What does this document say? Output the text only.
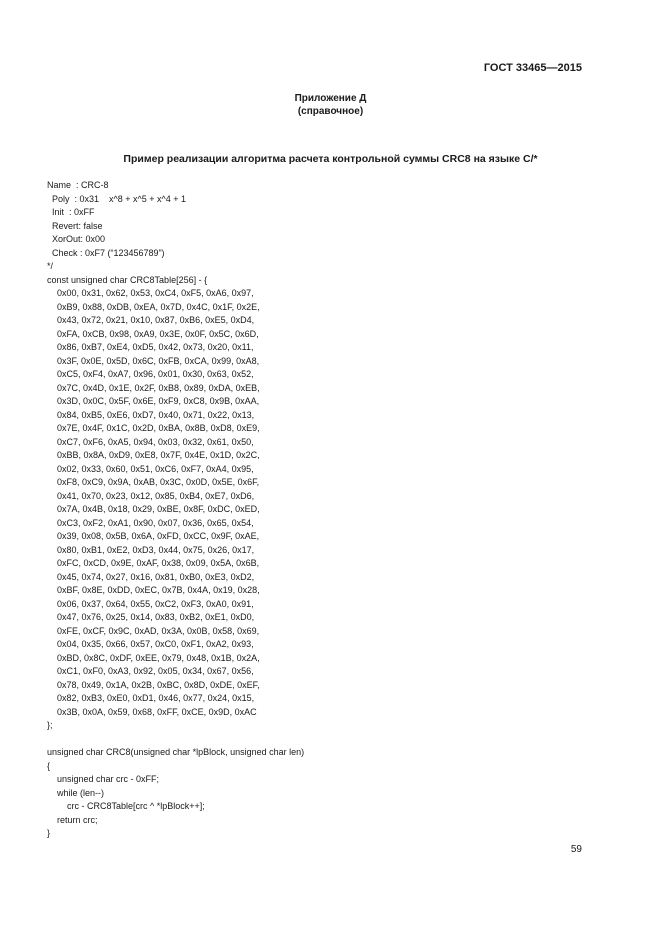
ГОСТ 33465—2015
Приложение Д
(справочное)
Пример реализации алгоритма расчета контрольной суммы CRC8 на языке C/*
Name  : CRC-8
Poly  : 0x31    x^8 + x^5 + x^4 + 1
Init  : 0xFF
Revert: false
XorOut: 0x00
Check : 0xF7 (“123456789”)
*/
const unsigned char CRC8Table[256] - {
0x00, 0x31, 0x62, 0x53, 0xC4, 0xF5, 0xA6, 0x97,
0xB9, 0x88, 0xDB, 0xEA, 0x7D, 0x4C, 0x1F, 0x2E,
0x43, 0x72, 0x21, 0x10, 0x87, 0xB6, 0xE5, 0xD4,
0xFA, 0xCB, 0x98, 0xA9, 0x3E, 0x0F, 0x5C, 0x6D,
0x86, 0xB7, 0xE4, 0xD5, 0x42, 0x73, 0x20, 0x11,
0x3F, 0x0E, 0x5D, 0x6C, 0xFB, 0xCA, 0x99, 0xA8,
0xC5, 0xF4, 0xA7, 0x96, 0x01, 0x30, 0x63, 0x52,
0x7C, 0x4D, 0x1E, 0x2F, 0xB8, 0x89, 0xDA, 0xEB,
0x3D, 0x0C, 0x5F, 0x6E, 0xF9, 0xC8, 0x9B, 0xAA,
0x84, 0xB5, 0xE6, 0xD7, 0x40, 0x71, 0x22, 0x13,
0x7E, 0x4F, 0x1C, 0x2D, 0xBA, 0x8B, 0xD8, 0xE9,
0xC7, 0xF6, 0xA5, 0x94, 0x03, 0x32, 0x61, 0x50,
0xBB, 0x8A, 0xD9, 0xE8, 0x7F, 0x4E, 0x1D, 0x2C,
0x02, 0x33, 0x60, 0x51, 0xC6, 0xF7, 0xA4, 0x95,
0xF8, 0xC9, 0x9A, 0xAB, 0x3C, 0x0D, 0x5E, 0x6F,
0x41, 0x70, 0x23, 0x12, 0x85, 0xB4, 0xE7, 0xD6,
0x7A, 0x4B, 0x18, 0x29, 0xBE, 0x8F, 0xDC, 0xED,
0xC3, 0xF2, 0xA1, 0x90, 0x07, 0x36, 0x65, 0x54,
0x39, 0x08, 0x5B, 0x6A, 0xFD, 0xCC, 0x9F, 0xAE,
0x80, 0xB1, 0xE2, 0xD3, 0x44, 0x75, 0x26, 0x17,
0xFC, 0xCD, 0x9E, 0xAF, 0x38, 0x09, 0x5A, 0x6B,
0x45, 0x74, 0x27, 0x16, 0x81, 0xB0, 0xE3, 0xD2,
0xBF, 0x8E, 0xDD, 0xEC, 0x7B, 0x4A, 0x19, 0x28,
0x06, 0x37, 0x64, 0x55, 0xC2, 0xF3, 0xA0, 0x91,
0x47, 0x76, 0x25, 0x14, 0x83, 0xB2, 0xE1, 0xD0,
0xFE, 0xCF, 0x9C, 0xAD, 0x3A, 0x0B, 0x58, 0x69,
0x04, 0x35, 0x66, 0x57, 0xC0, 0xF1, 0xA2, 0x93,
0xBD, 0x8C, 0xDF, 0xEE, 0x79, 0x48, 0x1B, 0x2A,
0xC1, 0xF0, 0xA3, 0x92, 0x05, 0x34, 0x67, 0x56,
0x78, 0x49, 0x1A, 0x2B, 0xBC, 0x8D, 0xDE, 0xEF,
0x82, 0xB3, 0xE0, 0xD1, 0x46, 0x77, 0x24, 0x15,
0x3B, 0x0A, 0x59, 0x68, 0xFF, 0xCE, 0x9D, 0xAC
};
unsigned char CRC8(unsigned char *lpBlock, unsigned char len)
{
unsigned char crc - 0xFF;
while (len--)
crc - CRC8Table[crc ^ *lpBlock++];
return crc;
}
59
